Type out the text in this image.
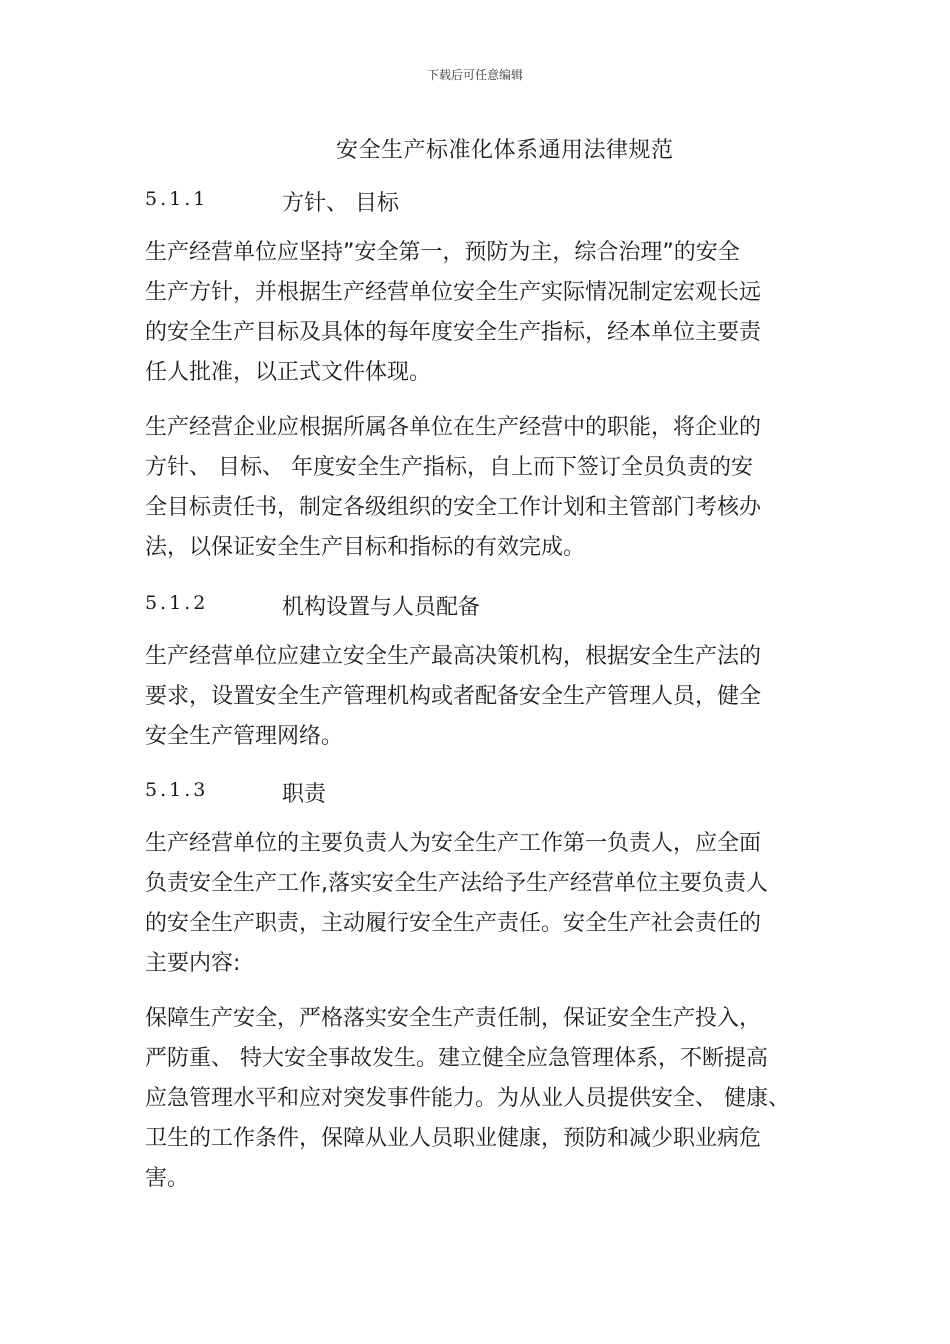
下载后可任意编辑
安全生产标准化体系通用法律规范
5.1.1	方针、 目标
生产经营单位应坚持”安全第一，预防为主，综合治理”的安全
生产方针，并根据生产经营单位安全生产实际情况制定宏观长远
的安全生产目标及具体的每年度安全生产指标，经本单位主要责
任人批准，以正式文件体现。
生产经营企业应根据所属各单位在生产经营中的职能，将企业的
方针、 目标、 年度安全生产指标，自上而下签订全员负责的安
全目标责任书，制定各级组织的安全工作计划和主管部门考核办
法，以保证安全生产目标和指标的有效完成。
5.1.2	机构设置与人员配备
生产经营单位应建立安全生产最高决策机构，根据安全生产法的
要求，设置安全生产管理机构或者配备安全生产管理人员，健全
安全生产管理网络。
5.1.3	职责
生产经营单位的主要负责人为安全生产工作第一负责人，应全面
负责安全生产工作,落实安全生产法给予生产经营单位主要负责人
的安全生产职责，主动履行安全生产责任。安全生产社会责任的
主要内容:
保障生产安全，严格落实安全生产责任制，保证安全生产投入，
严防重、 特大安全事故发生。建立健全应急管理体系，不断提高
应急管理水平和应对突发事件能力。为从业人员提供安全、 健康、
卫生的工作条件，保障从业人员职业健康，预防和减少职业病危
害。
